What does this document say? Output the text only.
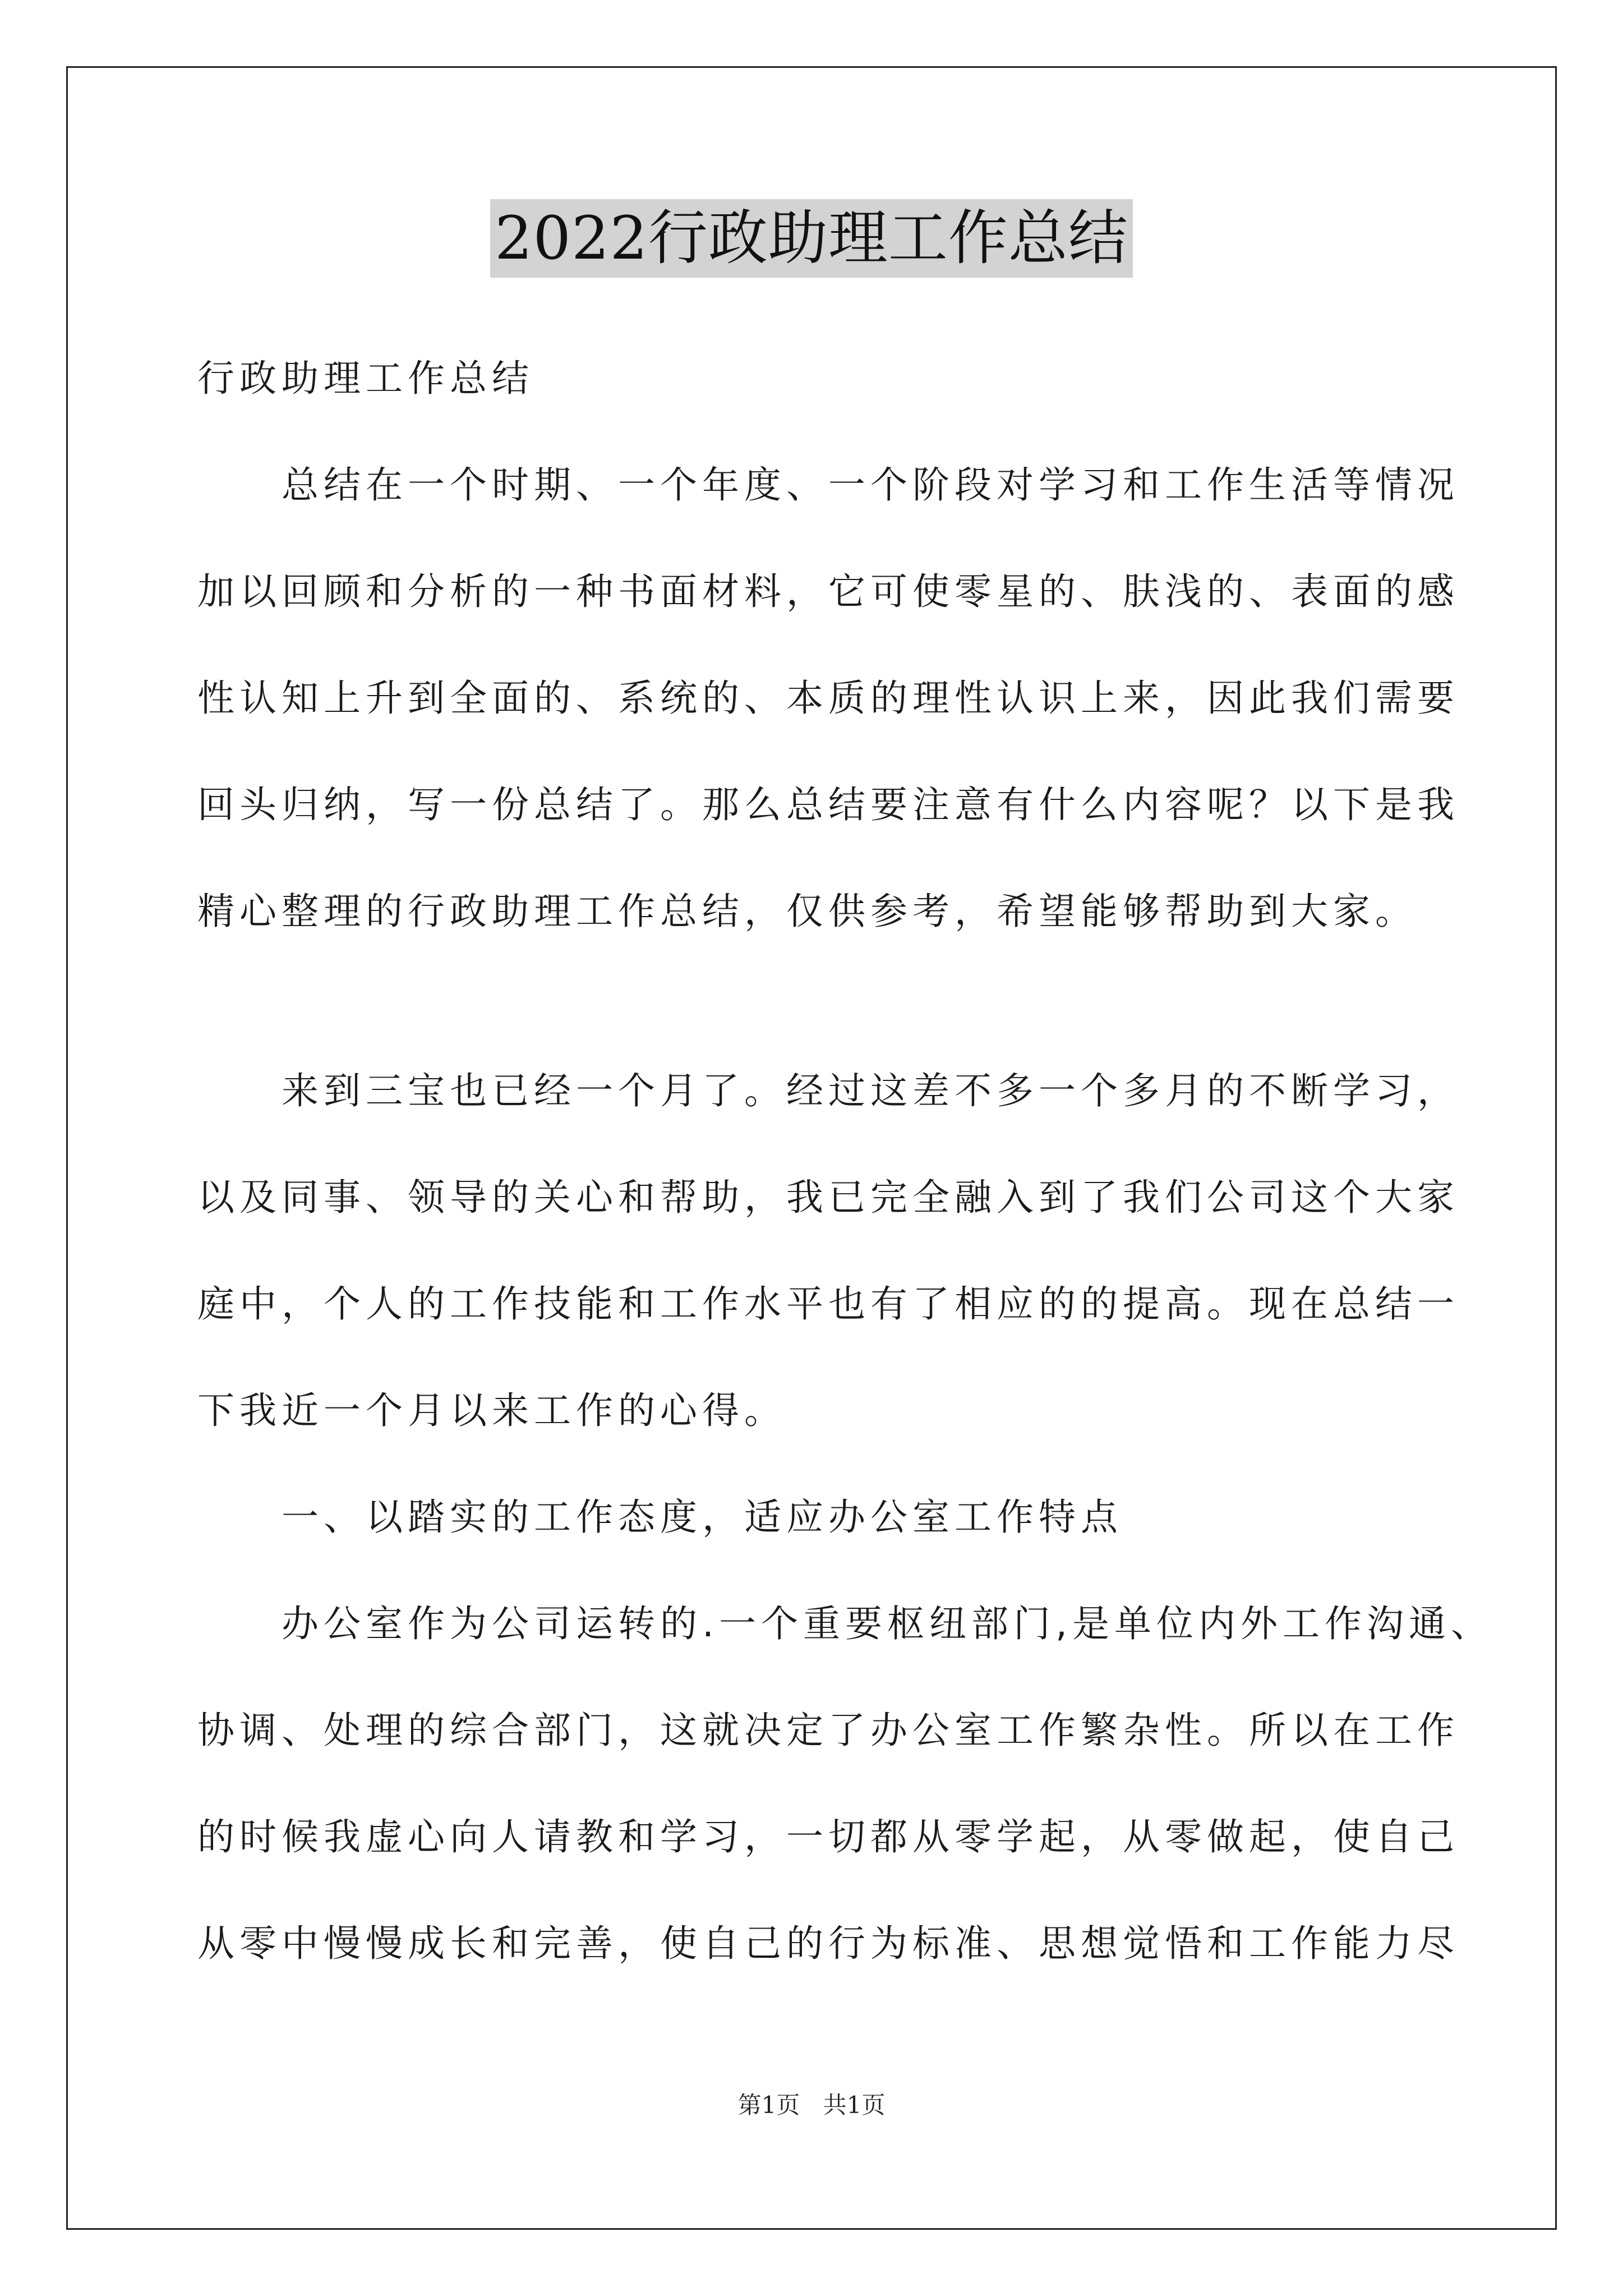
2022行政助理工作总结
行政助理工作总结
总结在一个时期、一个年度、一个阶段对学习和工作生活等情况
加以回顾和分析的一种书面材料，它可使零星的、肤浅的、表面的感
性认知上升到全面的、系统的、本质的理性认识上来，因此我们需要
回头归纳，写一份总结了。那么总结要注意有什么内容呢？以下是我
精心整理的行政助理工作总结，仅供参考，希望能够帮助到大家。
来到三宝也已经一个月了。经过这差不多一个多月的不断学习，
以及同事、领导的关心和帮助，我已完全融入到了我们公司这个大家
庭中，个人的工作技能和工作水平也有了相应的的提高。现在总结一
下我近一个月以来工作的心得。
一、以踏实的工作态度，适应办公室工作特点
办公室作为公司运转的.一个重要枢纽部门,是单位内外工作沟通、
协调、处理的综合部门，这就决定了办公室工作繁杂性。所以在工作
的时候我虚心向人请教和学习，一切都从零学起，从零做起，使自己
从零中慢慢成长和完善，使自己的行为标准、思想觉悟和工作能力尽
第1页 共1页
